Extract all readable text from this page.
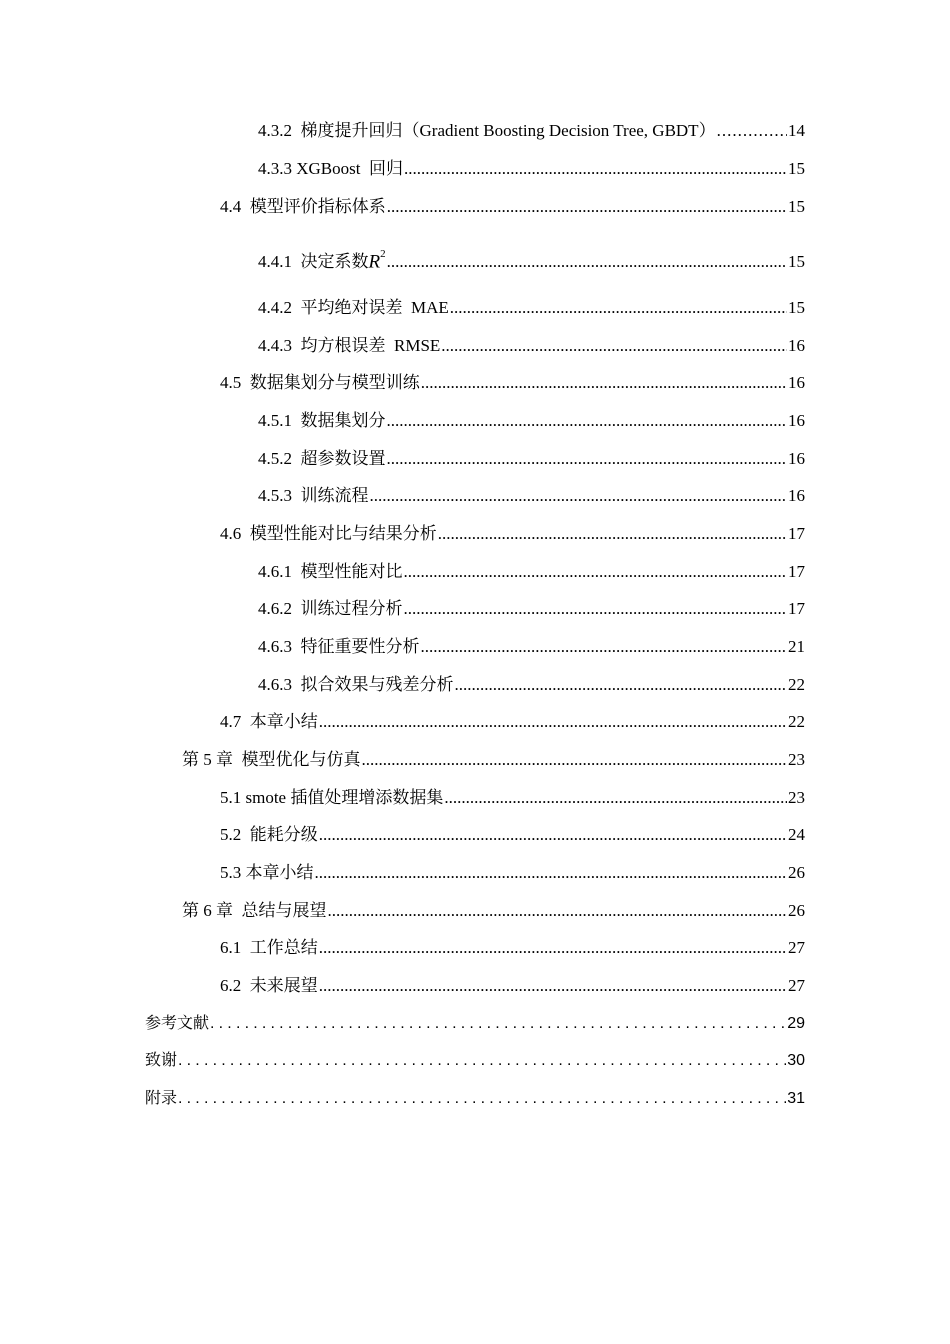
4.3.2  梯度提升回归（Gradient Boosting Decision Tree, GBDT） .....	14
4.3.3 XGBoost  回归 .....	15
4.4  模型评价指标体系 .....	15
4.4.1  决定系数 $R^2$ .....	15
4.4.2  平均绝对误差  MAE .....	15
4.4.3  均方根误差  RMSE .....	16
4.5  数据集划分与模型训练 .....	16
4.5.1  数据集划分 .....	16
4.5.2  超参数设置 .....	16
4.5.3  训练流程 .....	16
4.6  模型性能对比与结果分析 .....	17
4.6.1  模型性能对比 .....	17
4.6.2  训练过程分析 .....	17
4.6.3  特征重要性分析 .....	21
4.6.3  拟合效果与残差分析 .....	22
4.7  本章小结 .....	22
第 5 章  模型优化与仿真 .....	23
5.1 smote 插值处理增添数据集 .....	23
5.2  能耗分级 .....	24
5.3 本章小结 .....	26
第 6 章  总结与展望 .....	26
6.1  工作总结 .....	27
6.2  未来展望 .....	27
参考文献 .....	29
致谢 .....	30
附录 .....	31
